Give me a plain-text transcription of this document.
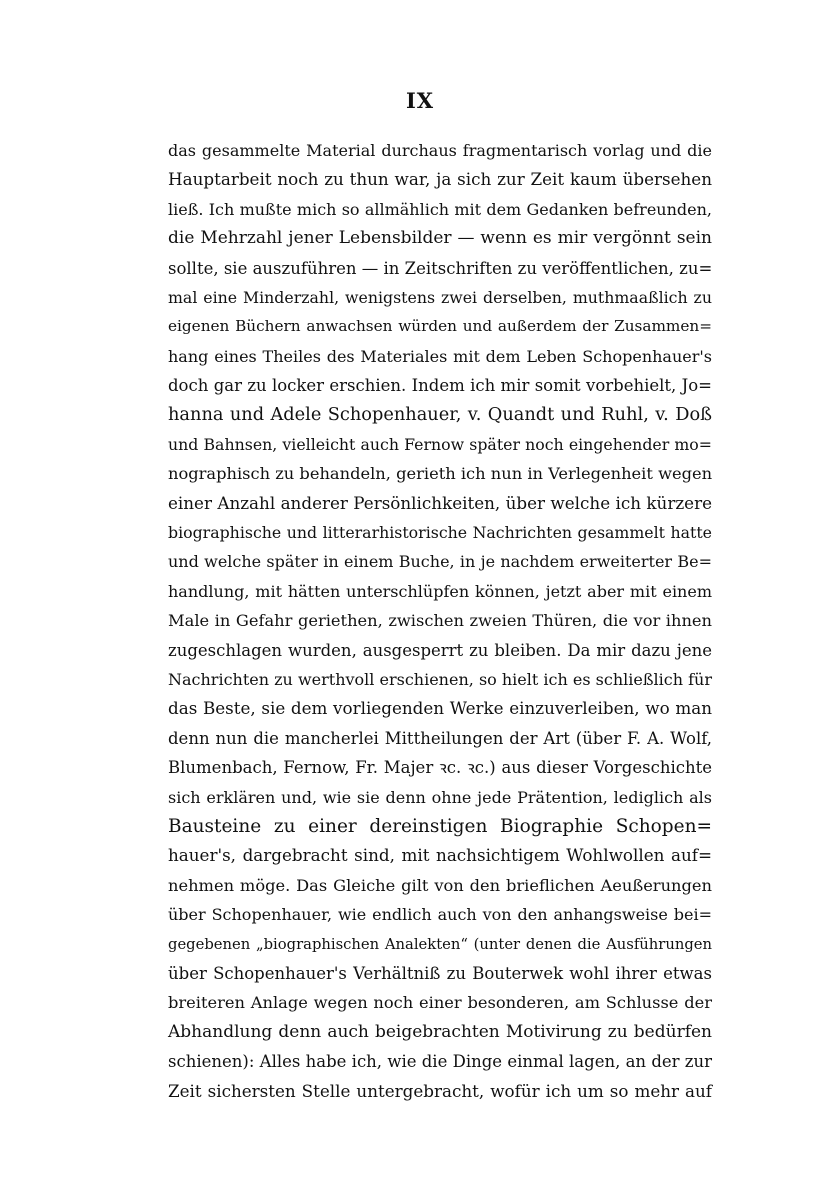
IX
das gesammelte Material durchaus fragmentarisch vorlag und die
Hauptarbeit noch zu thun war, ja sich zur Zeit kaum übersehen
ließ. Ich mußte mich so allmählich mit dem Gedanken befreunden,
die Mehrzahl jener Lebensbilder — wenn es mir vergönnt sein
sollte, sie auszuführen — in Zeitschriften zu veröffentlichen, zu=
mal eine Minderzahl, wenigstens zwei derselben, muthmaaßlich zu
eigenen Büchern anwachsen würden und außerdem der Zusammen=
hang eines Theiles des Materiales mit dem Leben Schopenhauer's
doch gar zu locker erschien. Indem ich mir somit vorbehielt, Jo=
hanna und Adele Schopenhauer, v. Quandt und Ruhl, v. Doß
und Bahnsen, vielleicht auch Fernow später noch eingehender mo=
nographisch zu behandeln, gerieth ich nun in Verlegenheit wegen
einer Anzahl anderer Persönlichkeiten, über welche ich kürzere
biographische und litterarhistorische Nachrichten gesammelt hatte
und welche später in einem Buche, in je nachdem erweiterter Be=
handlung, mit hätten unterschlüpfen können, jetzt aber mit einem
Male in Gefahr geriethen, zwischen zweien Thüren, die vor ihnen
zugeschlagen wurden, ausgesperrt zu bleiben. Da mir dazu jene
Nachrichten zu werthvoll erschienen, so hielt ich es schließlich für
das Beste, sie dem vorliegenden Werke einzuverleiben, wo man
denn nun die mancherlei Mittheilungen der Art (über F. A. Wolf,
Blumenbach, Fernow, Fr. Majer ꝛc. ꝛc.) aus dieser Vorgeschichte
sich erklären und, wie sie denn ohne jede Prätention, lediglich als
Bausteine zu einer dereinstigen Biographie Schopen=
hauer's, dargebracht sind, mit nachsichtigem Wohlwollen auf=
nehmen möge. Das Gleiche gilt von den brieflichen Aeußerungen
über Schopenhauer, wie endlich auch von den anhangsweise bei=
gegebenen „biographischen Analekten“ (unter denen die Ausführungen
über Schopenhauer's Verhältniß zu Bouterwek wohl ihrer etwas
breiteren Anlage wegen noch einer besonderen, am Schlusse der
Abhandlung denn auch beigebrachten Motivirung zu bedürfen
schienen): Alles habe ich, wie die Dinge einmal lagen, an der zur
Zeit sichersten Stelle untergebracht, wofür ich um so mehr auf
